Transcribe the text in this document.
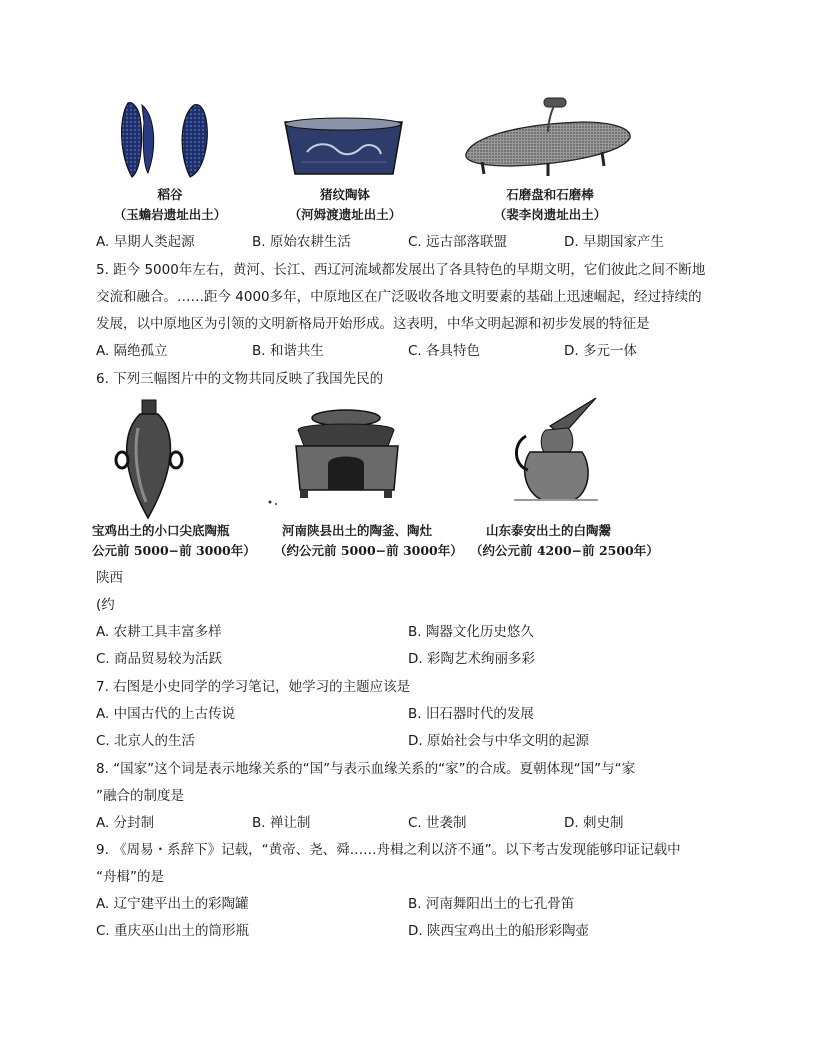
稻谷
（玉蟾岩遗址出土）
猪纹陶钵
（河姆渡遗址出土）
石磨盘和石磨棒
（裴李岗遗址出土）
A. 早期人类起源	B. 原始农耕生活	C. 远古部落联盟	D. 早期国家产生
5. 距今 5000年左右，黄河、长江、西辽河流域都发展出了各具特色的早期文明，它们彼此之间不断地
交流和融合。……距今 4000多年，中原地区在广泛吸收各地文明要素的基础上迅速崛起，经过持续的
发展，以中原地区为引领的文明新格局开始形成。这表明，中华文明起源和初步发展的特征是
A. 隔绝孤立	B. 和谐共生	C. 各具特色	D. 多元一体
6. 下列三幅图片中的文物共同反映了我国先民的
宝鸡出土的小口尖底陶瓶
公元前 5000−前 3000年）
河南陕县出土的陶釜、陶灶
（约公元前 5000−前 3000年）
山东泰安出土的白陶鬶
（约公元前 4200−前 2500年）
陕西
(约
A. 农耕工具丰富多样	B. 陶器文化历史悠久
C. 商品贸易较为活跃	D. 彩陶艺术绚丽多彩
7. 右图是小史同学的学习笔记，她学习的主题应该是
A. 中国古代的上古传说	B. 旧石器时代的发展
C. 北京人的生活	D. 原始社会与中华文明的起源
8. “国家”这个词是表示地缘关系的“国”与表示血缘关系的“家”的合成。夏朝体现“国”与“家
”融合的制度是
A. 分封制	B. 禅让制	C. 世袭制	D. 刺史制
9. 《周易・系辞下》记载，“黄帝、尧、舜……舟楫之利以济不通”。以下考古发现能够印证记载中
“舟楫”的是
A. 辽宁建平出土的彩陶罐	B. 河南舞阳出土的七孔骨笛
C. 重庆巫山出土的筒形瓶	D. 陕西宝鸡出土的船形彩陶壶
